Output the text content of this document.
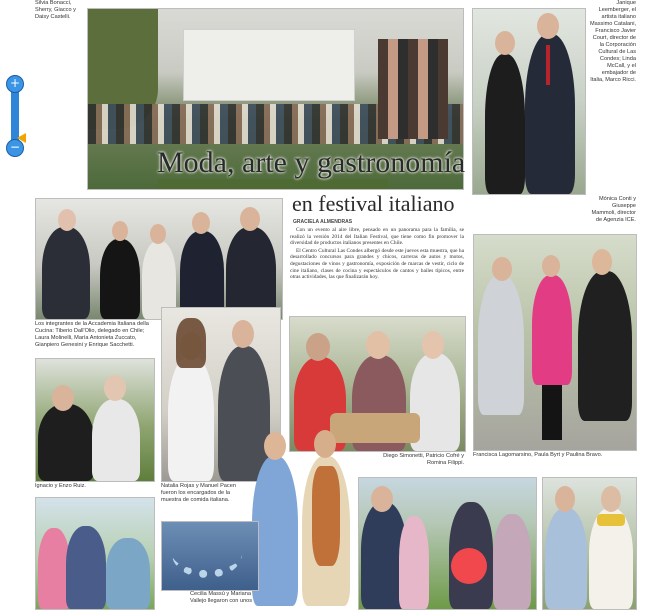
+
−
Silvia Bonacci, Sherry, Giacco y Daisy Castelli.
Moda, arte y gastronomía
Janique Leemberger, el artista italiano Massimo Catalani, Francisco Javier Court, director de la Corporación Cultural de Las Condes; Linda McCall, y el embajador de Italia, Marco Ricci.
Mónica Conti y Giuseppe Mammoli, director de Agenzia ICE.
Los integrantes de la Accademia Italiana della Cucina: Tiberio Dall'Olio, delegado en Chile; Laura Molinelli, María Antonieta Zuccato, Gianpiero Genesini y Enrique Sacchetti.
en festival italiano
GRACIELA ALMENDRAS

Con un evento al aire libre, pensado en un panorama para la familia, se realizó la versión 2014 del Italian Festival, que tiene como fin promover la diversidad de productos italianos presentes en Chile.

El Centro Cultural Las Condes albergó desde este jueves esta muestra, que ha desarrollado concursos para grandes y chicos, carreras de autos y motos, degustaciones de vinos y gastronomía, exposición de marcas de vestir, ciclo de cine italiano, clases de cocina y espectáculos de cantos y bailes típicos, entre otras actividades, las que finalizarán hoy.

Francisca Lagomarsino, Paula Byrt y Paulina Bravo.
Ignacio y Enzo Ruiz.	Natalia Rojas y Manuel Pacen fueron los encargados de la muestra de comida italiana.
Diego Simonetti, Patricio Cofré y Romina Filippi.
Cecilia Massú y Mariana Vallejo llegaron con unos
